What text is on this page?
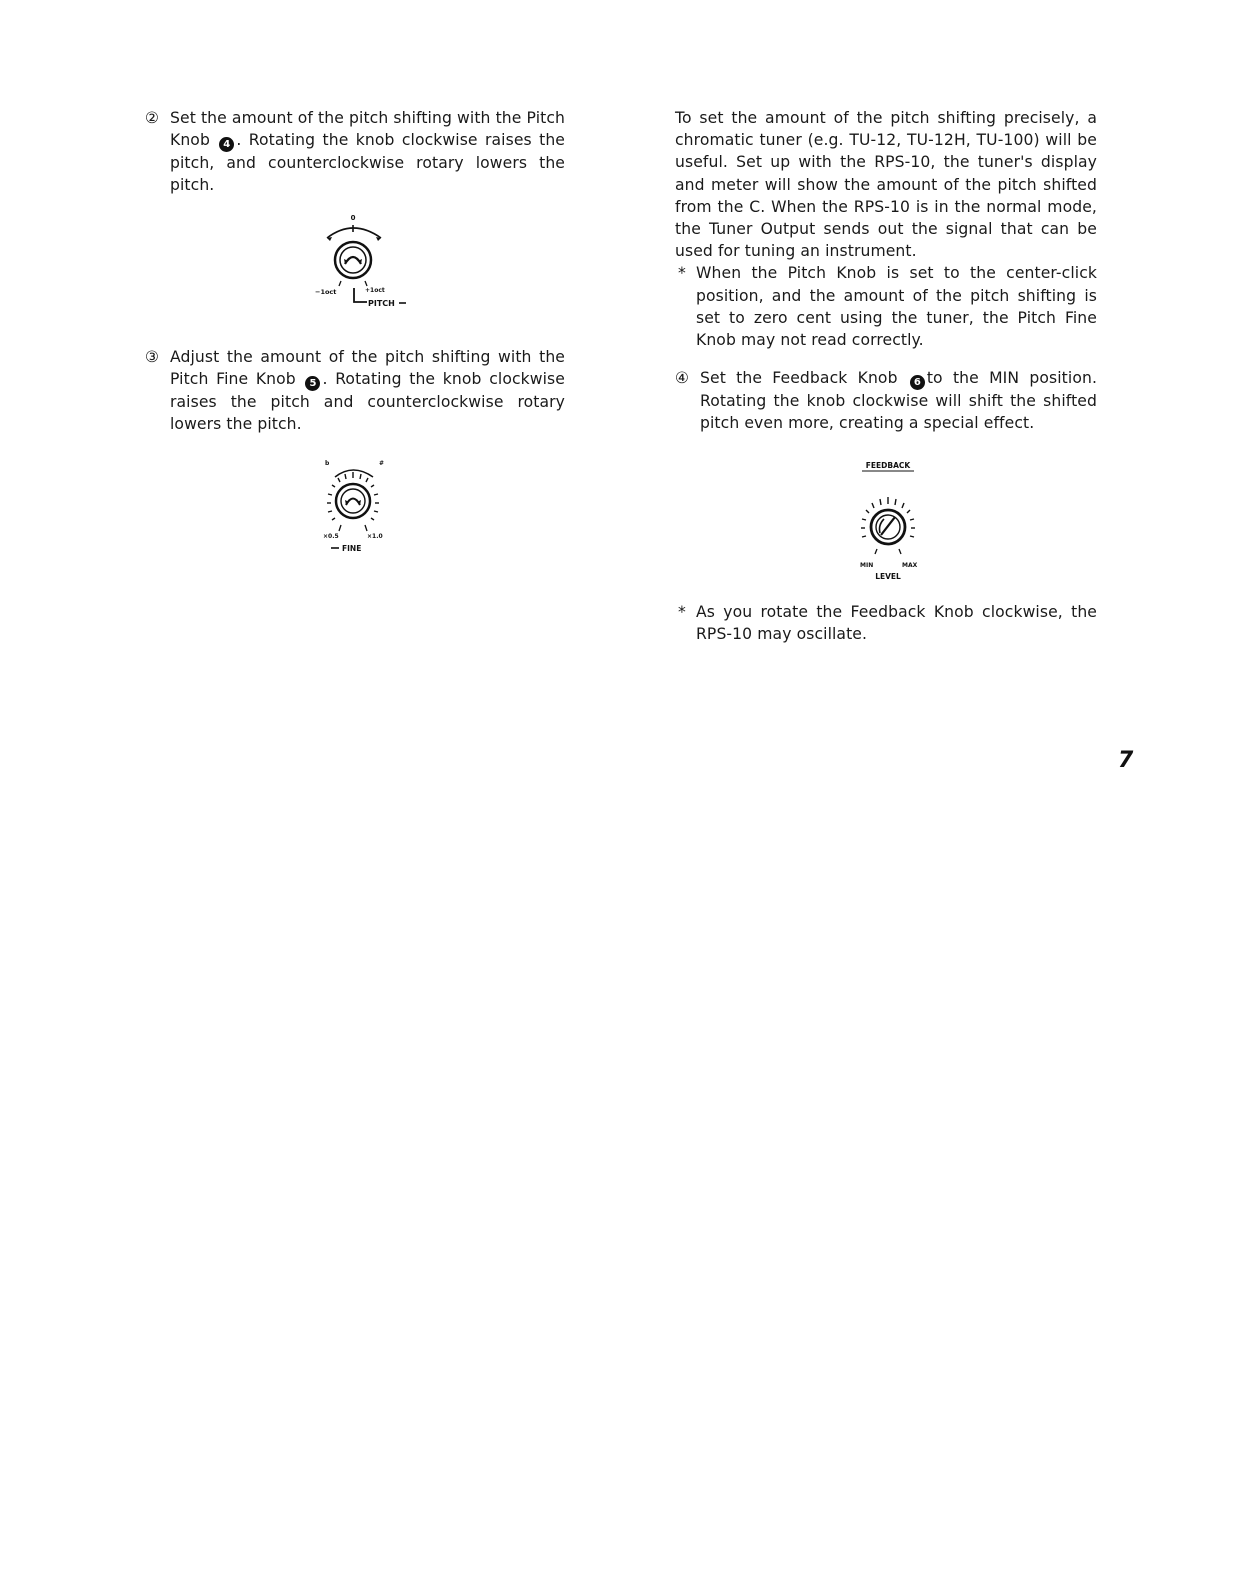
② Set the amount of the pitch shifting with the Pitch Knob 4 . Rotating the knob clockwise raises the pitch, and counterclockwise rotary lowers the pitch.

0
−1oct	+1oct
PITCH

③ Adjust the amount of the pitch shifting with the Pitch Fine Knob 5 . Rotating the knob clockwise raises the pitch and counterclockwise rotary lowers the pitch.

b	#
×0.5	×1.0
FINE

To set the amount of the pitch shifting precisely, a chromatic tuner (e.g. TU-12, TU-12H, TU-100) will be useful. Set up with the RPS-10, the tuner's display and meter will show the amount of the pitch shifted from the C. When the RPS-10 is in the normal mode, the Tuner Output sends out the signal that can be used for tuning an instrument.

* When the Pitch Knob is set to the center-click position, and the amount of the pitch shifting is set to zero cent using the tuner, the Pitch Fine Knob may not read correctly.

④ Set the Feedback Knob 6 to the MIN position. Rotating the knob clockwise will shift the shifted pitch even more, creating a special effect.

FEEDBACK
MIN	MAX
LEVEL

* As you rotate the Feedback Knob clockwise, the RPS-10 may oscillate.

7
